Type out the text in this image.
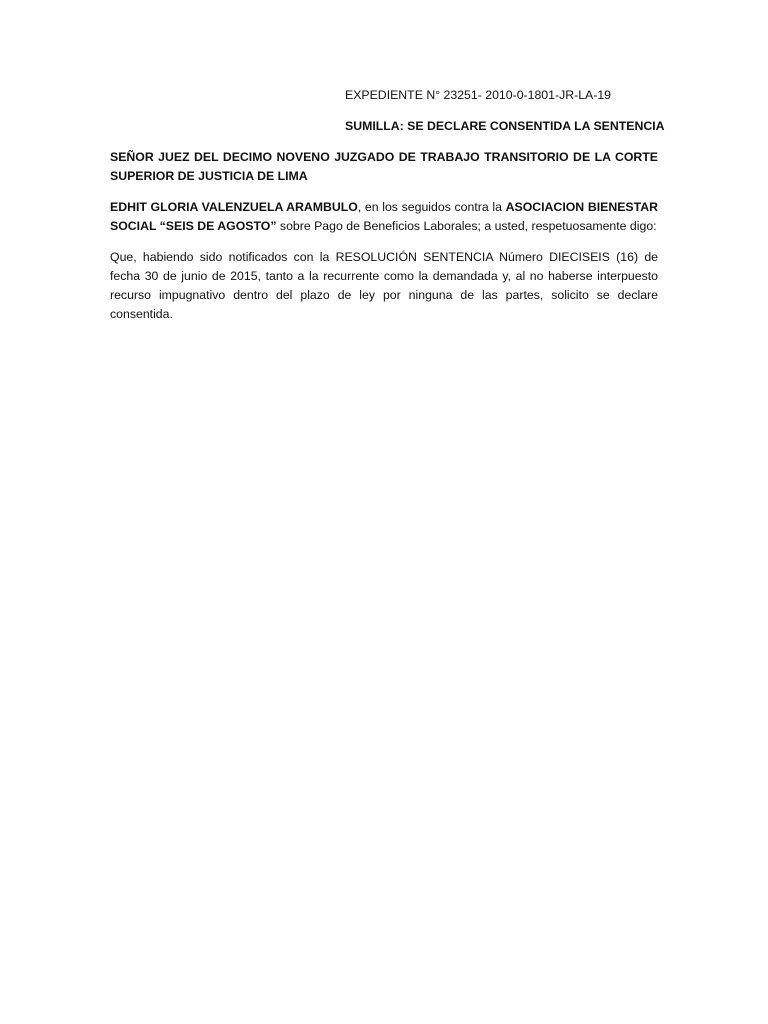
EXPEDIENTE N° 23251- 2010-0-1801-JR-LA-19
SUMILLA: SE DECLARE CONSENTIDA LA SENTENCIA

SEÑOR JUEZ DEL DECIMO NOVENO JUZGADO DE TRABAJO TRANSITORIO DE LA CORTE SUPERIOR DE JUSTICIA DE LIMA

EDHIT GLORIA VALENZUELA ARAMBULO, en los seguidos contra la ASOCIACION BIENESTAR SOCIAL “SEIS DE AGOSTO” sobre Pago de Beneficios Laborales; a usted, respetuosamente digo:

Que, habiendo sido notificados con la RESOLUCIÓN SENTENCIA Número DIECISEIS (16) de fecha 30 de junio de 2015, tanto a la recurrente como la demandada y, al no haberse interpuesto recurso impugnativo dentro del plazo de ley por ninguna de las partes, solicito se declare consentida.
